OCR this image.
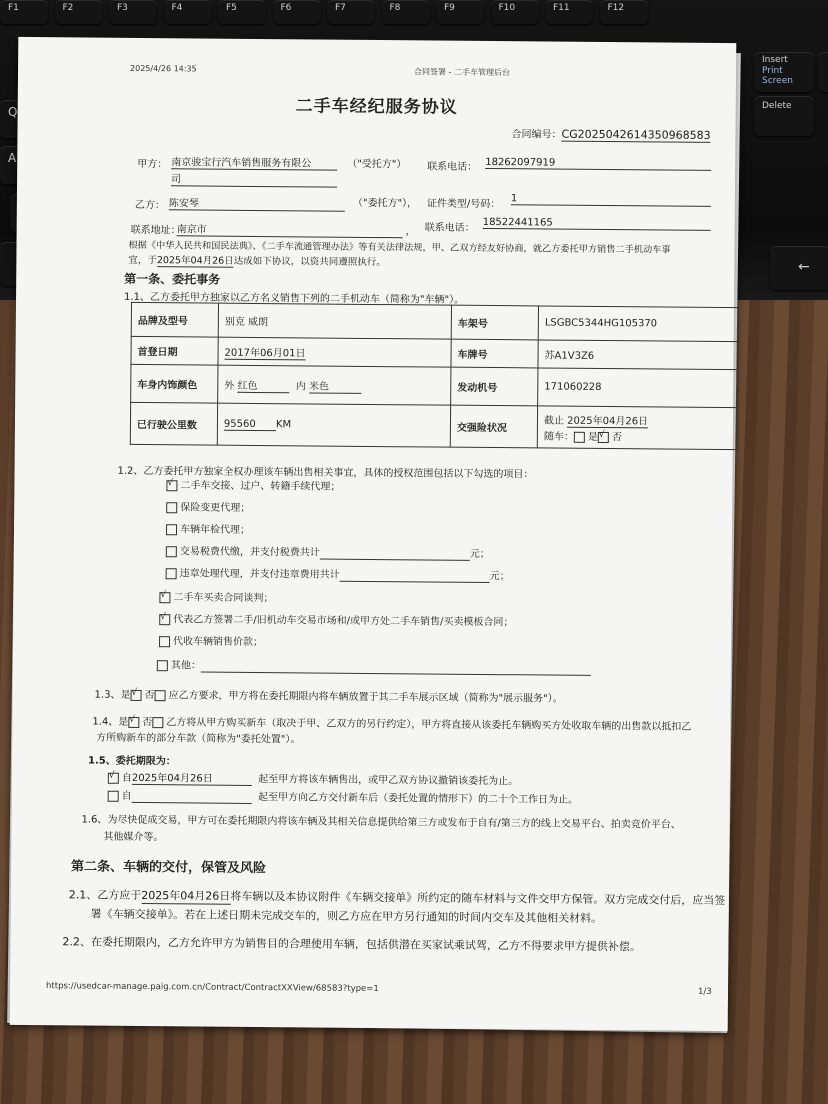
F1	F2	F3	F4	F5	F6	F7	F8	F9	F10	F11	F12
Q
A
Insert
Print
Screen
Delete
←
2025/4/26 14:35	合同签署 - 二手车管理后台
二手车经纪服务协议
合同编号：CG2025042614350968583
甲方： 南京骏宝行汽车销售服务有限公
司
（"受托方"） 联系电话： 18262097919
乙方： 陈安琴	（"委托方"）， 证件类型/号码： 1
联系地址：
南京市	， 联系电话： 18522441165
根据《中华人民共和国民法典》、《二手车流通管理办法》等有关法律法规，甲、乙双方经友好协商，就乙方委托甲方销售二手机动车事
宜，于2025年04月26日达成如下协议，以资共同遵照执行。
第一条、委托事务
1.1、乙方委托甲方独家以乙方名义销售下列的二手机动车（简称为"车辆"）。
品牌及型号	别克 威朗	车架号	LSGBC5344HG105370
首登日期	2017年06月01日	车牌号	苏A1V3Z6
车身内饰颜色	外 红色 内 米色	发动机号	171060228
已行驶公里数	95560 KM	交强险状况	截止 2025年04月26日
随车： 是 √ 否
1.2、乙方委托甲方独家全权办理该车辆出售相关事宜，具体的授权范围包括以下勾选的项目：
√二手车交接、过户、转籍手续代理；
保险变更代理；
车辆年检代理；
交易税费代缴，并支付税费共计	元；
违章处理代理，并支付违章费用共计	元；
√二手车买卖合同谈判；
√代表乙方签署二手/旧机动车交易市场和/或甲方处二手车销售/买卖模板合同；
代收车辆销售价款；
其他：
1.3、是 √ 否 应乙方要求，甲方将在委托期限内将车辆放置于其二手车展示区域（简称为"展示服务"）。
1.4、是 √ 否 乙方将从甲方购买新车（取决于甲、乙双方的另行约定），甲方将直接从该委托车辆购买方处收取车辆的出售款以抵扣乙
方所购新车的部分车款（简称为"委托处置"）。
1.5、委托期限为：
√自2025年04月26日	起至甲方将该车辆售出，或甲乙双方协议撤销该委托为止。
自	起至甲方向乙方交付新车后（委托处置的情形下）的二十个工作日为止。
1.6、为尽快促成交易，甲方可在委托期限内将该车辆及其相关信息提供给第三方或发布于自有/第三方的线上交易平台、拍卖竞价平台、
其他媒介等。
第二条、车辆的交付，保管及风险
2.1、乙方应于2025年04月26日将车辆以及本协议附件《车辆交接单》所约定的随车材料与文件交甲方保管。双方完成交付后，应当签
署《车辆交接单》。若在上述日期未完成交车的，则乙方应在甲方另行通知的时间内交车及其他相关材料。
2.2、在委托期限内，乙方允许甲方为销售目的合理使用车辆，包括供潜在买家试乘试驾，乙方不得要求甲方提供补偿。
https://usedcar-manage.paig.com.cn/Contract/ContractXXView/68583?type=1	1/3
